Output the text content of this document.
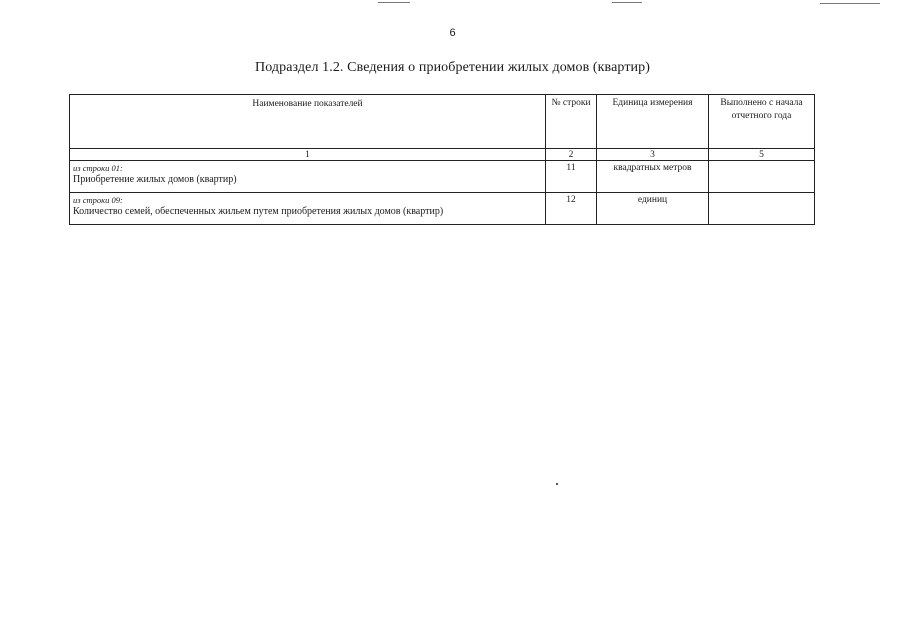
6
Подраздел 1.2. Сведения о приобретении жилых домов (квартир)
Наименование показателей	№ строки	Единица измерения	Выполнено с начала отчетного года
1	2	3	5

из строки 01:
Приобретение жилых домов (квартир)	11	квадратных метров	

из строки 09:
Количество семей, обеспеченных жильем путем приобретения жилых домов (квартир)	12	единиц	
